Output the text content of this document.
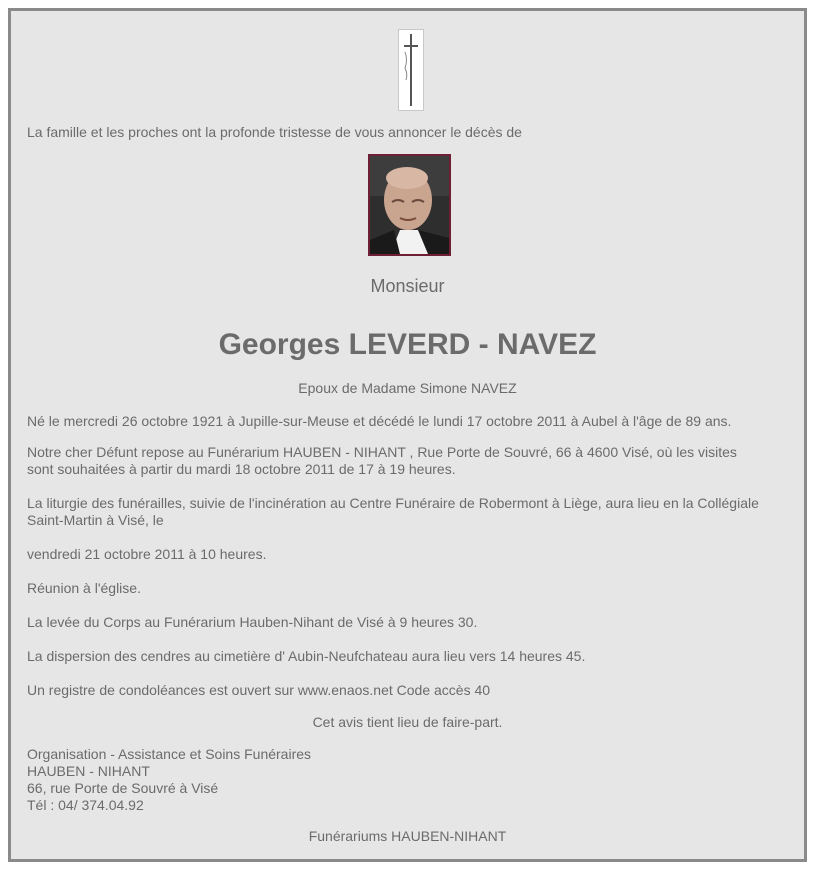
La famille et les proches ont la profonde tristesse de vous annoncer le décès de
Monsieur
Georges LEVERD - NAVEZ
Epoux de Madame Simone NAVEZ
Né le mercredi 26 octobre 1921 à Jupille-sur-Meuse et décédé le lundi 17 octobre 2011 à Aubel à l'âge de 89 ans.
Notre cher Défunt repose au Funérarium HAUBEN - NIHANT , Rue Porte de Souvré, 66 à 4600 Visé, où les visites
sont souhaitées à partir du mardi 18 octobre 2011 de 17 à 19 heures.
La liturgie des funérailles, suivie de l'incinération au Centre Funéraire de Robermont à Liège, aura lieu en la Collégiale
Saint-Martin à Visé, le
vendredi 21 octobre 2011 à 10 heures.
Réunion à l'église.
La levée du Corps au Funérarium Hauben-Nihant de Visé à 9 heures 30.
La dispersion des cendres au cimetière d' Aubin-Neufchateau aura lieu vers 14 heures 45.
Un registre de condoléances est ouvert sur www.enaos.net Code accès 40
Cet avis tient lieu de faire-part.
Organisation - Assistance et Soins Funéraires
HAUBEN - NIHANT
66, rue Porte de Souvré à Visé
Tél : 04/ 374.04.92
Funérariums HAUBEN-NIHANT
